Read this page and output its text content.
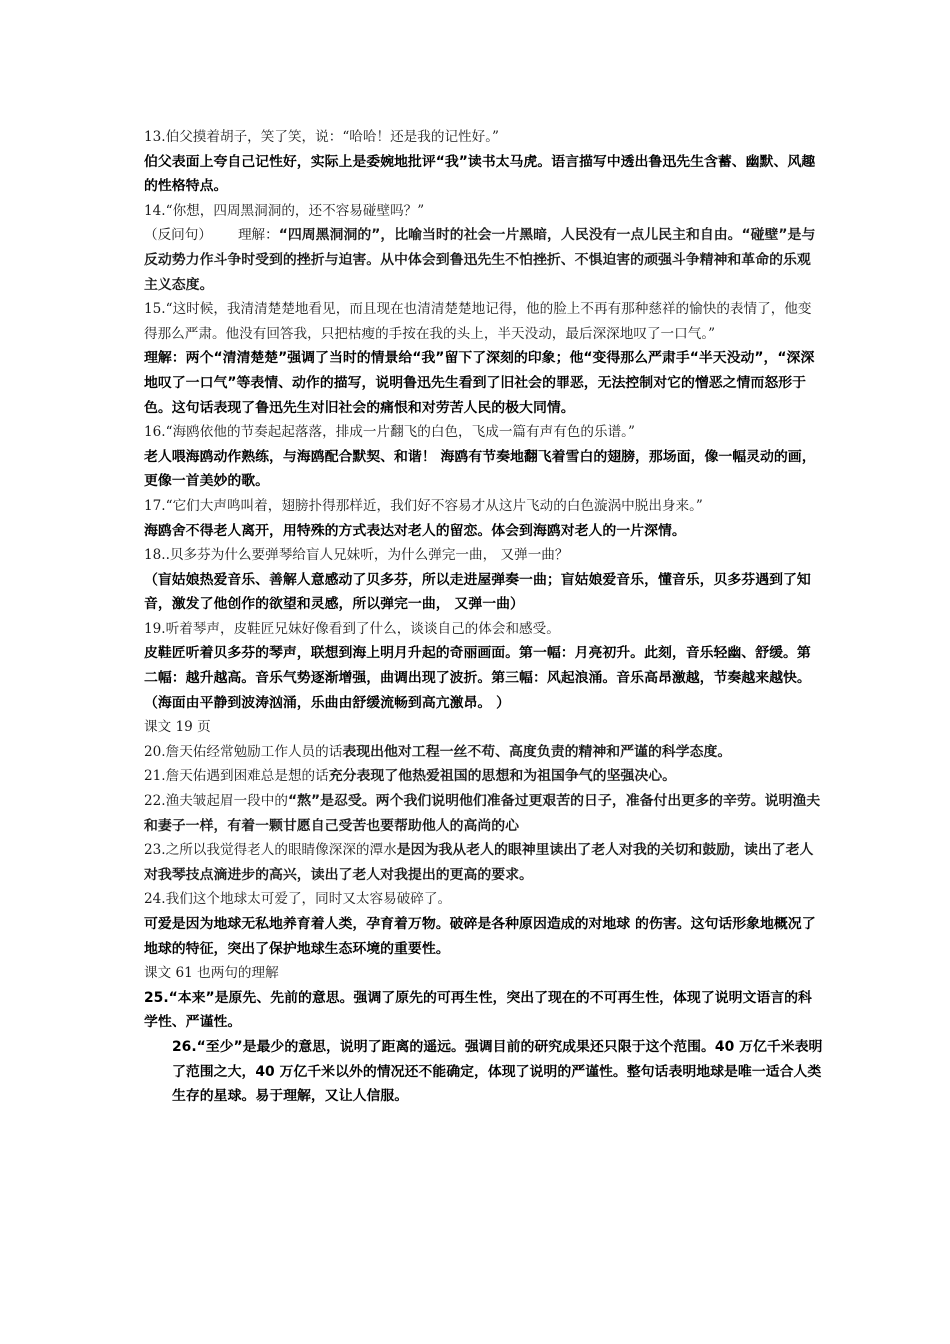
13.伯父摸着胡子，笑了笑，说：“哈哈！还是我的记性好。”

伯父表面上夸自己记性好，实际上是委婉地批评“我”读书太马虎。语言描写中透出鲁迅先生含蓄、幽默、风趣的性格特点。

14.“你想，四周黑洞洞的，还不容易碰壁吗？”

（反问句） 理解：“四周黑洞洞的”，比喻当时的社会一片黑暗，人民没有一点儿民主和自由。“碰壁”是与反动势力作斗争时受到的挫折与迫害。从中体会到鲁迅先生不怕挫折、不惧迫害的顽强斗争精神和革命的乐观主义态度。

15.“这时候，我清清楚楚地看见，而且现在也清清楚楚地记得，他的脸上不再有那种慈祥的愉快的表情了，他变得那么严肃。他没有回答我，只把枯瘦的手按在我的头上，半天没动，最后深深地叹了一口气。”

理解：两个“清清楚楚”强调了当时的情景给“我”留下了深刻的印象；他“变得那么严肃手“半天没动”，“深深地叹了一口气”等表情、动作的描写，说明鲁迅先生看到了旧社会的罪恶，无法控制对它的憎恶之情而怒形于色。这句话表现了鲁迅先生对旧社会的痛恨和对劳苦人民的极大同情。

16.“海鸥依他的节奏起起落落，排成一片翻飞的白色，飞成一篇有声有色的乐谱。”

老人喂海鸥动作熟练，与海鸥配合默契、和谐！ 海鸥有节奏地翻飞着雪白的翅膀，那场面，像一幅灵动的画，更像一首美妙的歌。

17.“它们大声鸣叫着，翅膀扑得那样近，我们好不容易才从这片飞动的白色漩涡中脱出身来。”

海鸥舍不得老人离开，用特殊的方式表达对老人的留恋。体会到海鸥对老人的一片深情。

18..贝多芬为什么要弹琴给盲人兄妹听，为什么弹完一曲， 又弹一曲？

（盲姑娘热爱音乐、善解人意感动了贝多芬，所以走进屋弹奏一曲；盲姑娘爱音乐，懂音乐，贝多芬遇到了知音，激发了他创作的欲望和灵感，所以弹完一曲， 又弹一曲）

19.听着琴声，皮鞋匠兄妹好像看到了什么，谈谈自己的体会和感受。

皮鞋匠听着贝多芬的琴声，联想到海上明月升起的奇丽画面。第一幅：月亮初升。此刻，音乐轻幽、舒缓。第二幅：越升越高。音乐气势逐渐增强，曲调出现了波折。第三幅：风起浪涌。音乐高昂激越，节奏越来越快。（海面由平静到波涛汹涌，乐曲由舒缓流畅到高亢激昂。 ）

课文 19 页

20.詹天佑经常勉励工作人员的话表现出他对工程一丝不苟、高度负责的精神和严谨的科学态度。

21.詹天佑遇到困难总是想的话充分表现了他热爱祖国的思想和为祖国争气的坚强决心。

22.渔夫皱起眉一段中的“熬”是忍受。两个我们说明他们准备过更艰苦的日子，准备付出更多的辛劳。说明渔夫和妻子一样，有着一颗甘愿自己受苦也要帮助他人的高尚的心

23.之所以我觉得老人的眼睛像深深的潭水是因为我从老人的眼神里读出了老人对我的关切和鼓励，读出了老人对我琴技点滴进步的高兴，读出了老人对我提出的更高的要求。

24.我们这个地球太可爱了，同时又太容易破碎了。

可爱是因为地球无私地养育着人类，孕育着万物。破碎是各种原因造成的对地球 的伤害。这句话形象地概况了地球的特征，突出了保护地球生态环境的重要性。

课文 61 也两句的理解

25.“本来”是原先、先前的意思。强调了原先的可再生性，突出了现在的不可再生性，体现了说明文语言的科学性、严谨性。

26.“至少”是最少的意思，说明了距离的遥远。强调目前的研究成果还只限于这个范围。40 万亿千米表明了范围之大，40 万亿千米以外的情况还不能确定，体现了说明的严谨性。整句话表明地球是唯一适合人类生存的星球。易于理解，又让人信服。
